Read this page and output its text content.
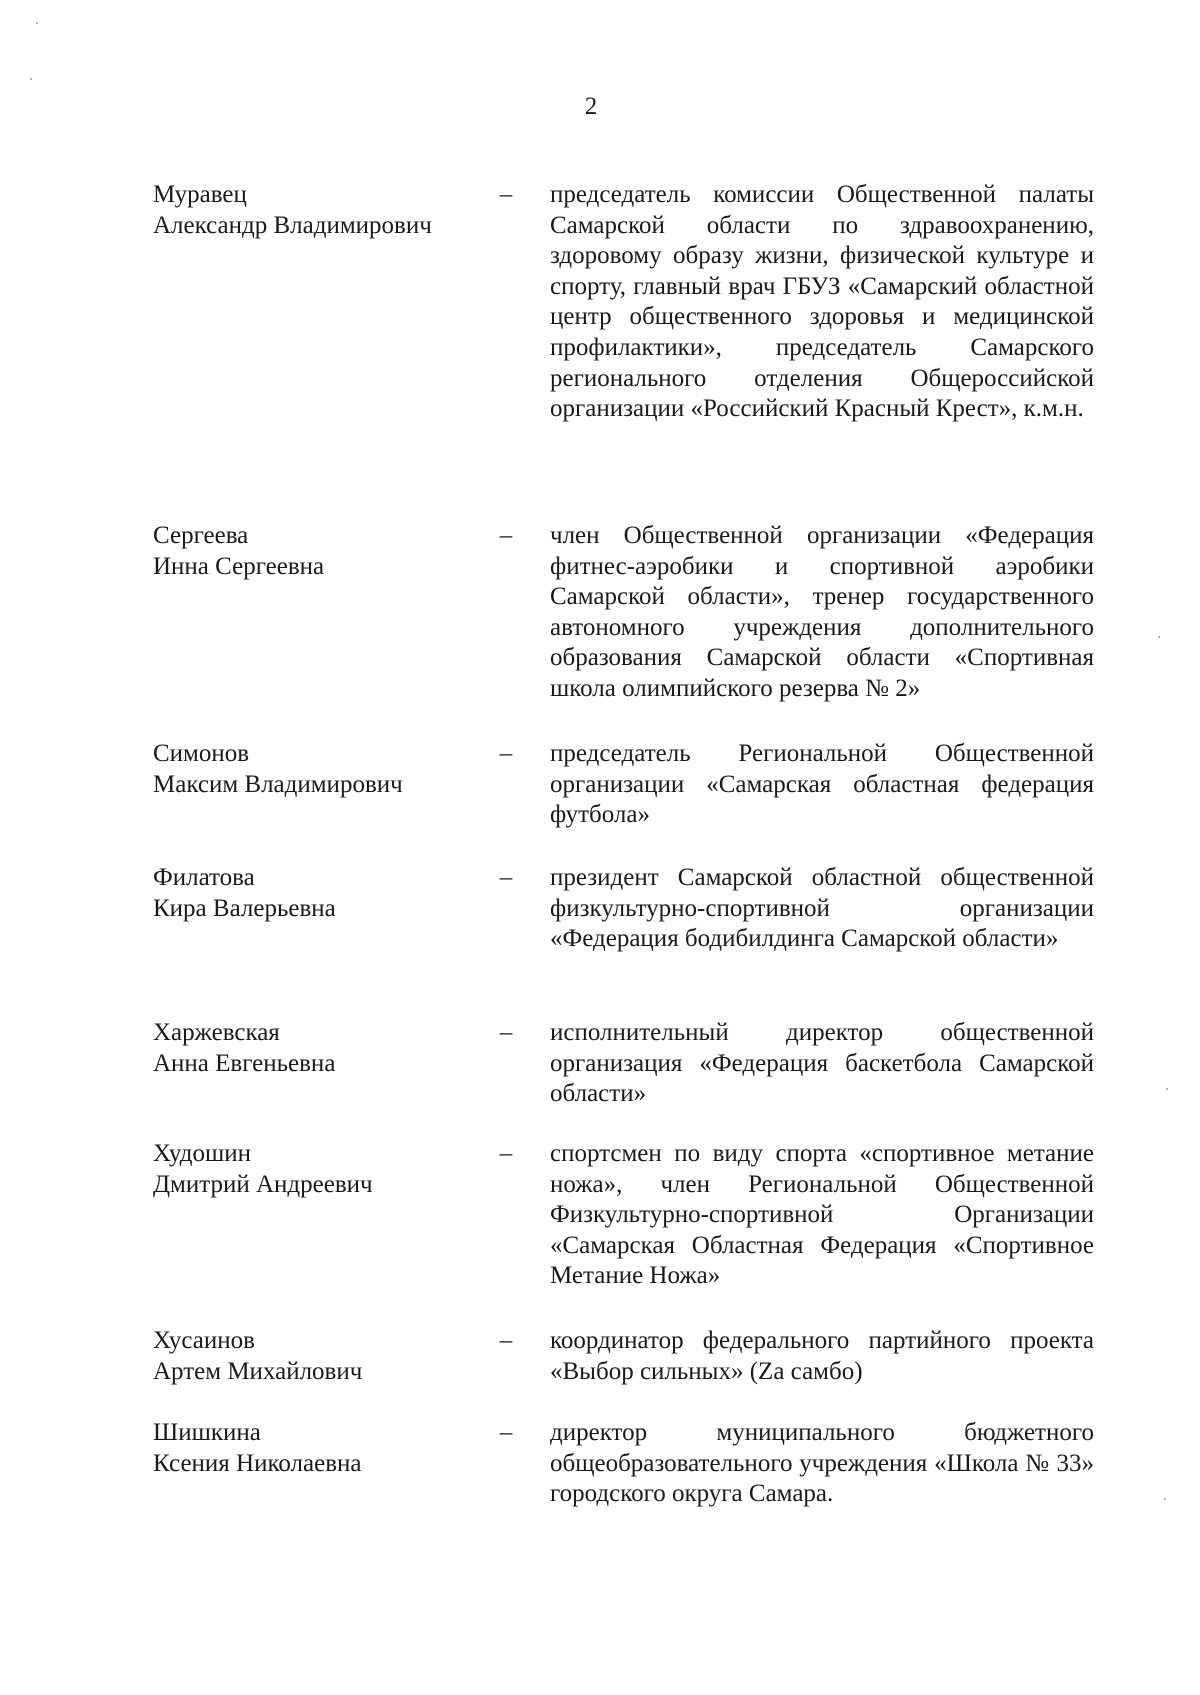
2
Муравец
Александр Владимирович
– председатель комиссии Общественной палаты Самарской области по здравоохранению, здоровому образу жизни, физической культуре и спорту, главный врач ГБУЗ «Самарский областной центр общественного здоровья и медицинской профилактики», председатель Самарского регионального отделения Общероссийской организации «Российский Красный Крест», к.м.н.
Сергеева
Инна Сергеевна
– член Общественной организации «Федерация фитнес-аэробики и спортивной аэробики Самарской области», тренер государственного автономного учреждения дополнительного образования Самарской области «Спортивная школа олимпийского резерва № 2»
Симонов
Максим Владимирович
– председатель Региональной Общественной организации «Самарская областная федерация футбола»
Филатова
Кира Валерьевна
– президент Самарской областной общественной физкультурно-спортивной организации «Федерация бодибилдинга Самарской области»
Харжевская
Анна Евгеньевна
– исполнительный директор общественной организация «Федерация баскетбола Самарской области»
Худошин
Дмитрий Андреевич
– спортсмен по виду спорта «спортивное метание ножа», член Региональной Общественной Физкультурно-спортивной Организации «Самарская Областная Федерация «Спортивное Метание Ножа»
Хусаинов
Артем Михайлович
– координатор федерального партийного проекта «Выбор сильных» (Zа самбо)
Шишкина
Ксения Николаевна
– директор муниципального бюджетного общеобразовательного учреждения «Школа № 33» городского округа Самара.
